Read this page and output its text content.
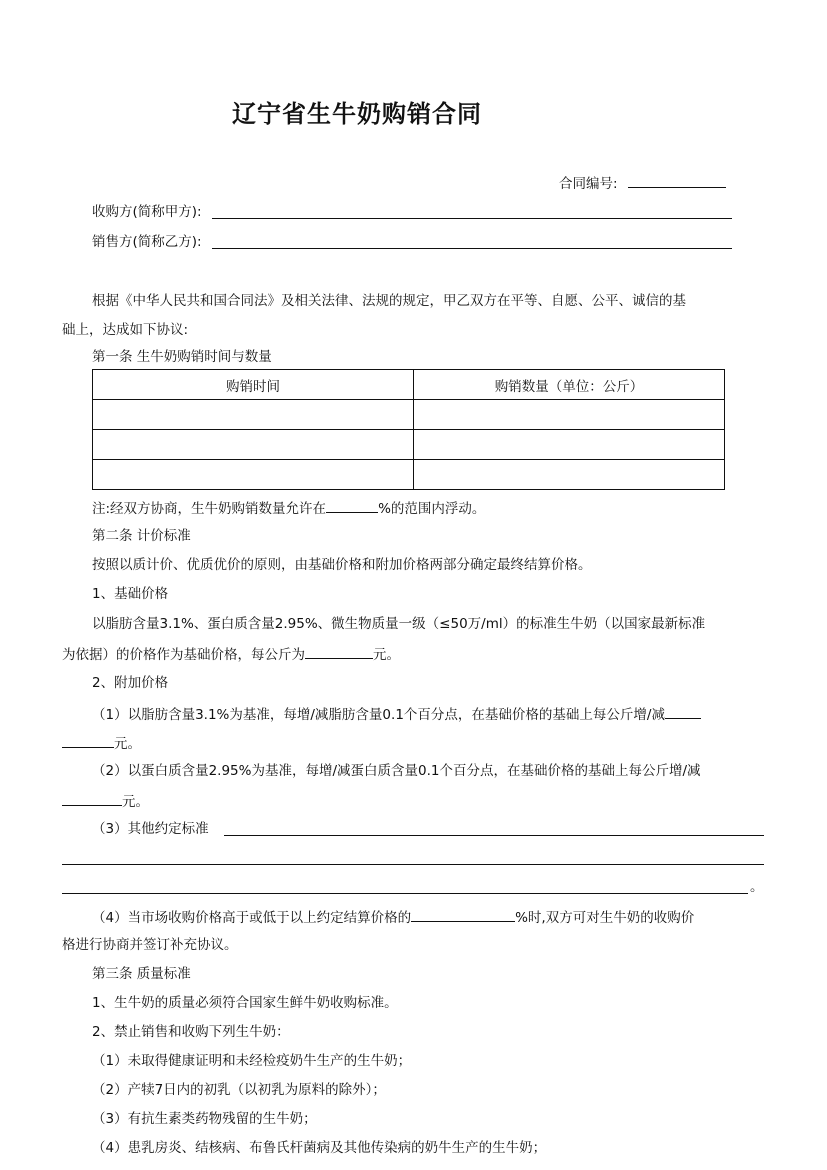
辽宁省生牛奶购销合同
合同编号:
收购方(简称甲方):
销售方(简称乙方):
根据《中华人民共和国合同法》及相关法律、法规的规定，甲乙双方在平等、自愿、公平、诚信的基
础上，达成如下协议:
第一条 生牛奶购销时间与数量
购销时间	购销数量（单位：公斤）

注:经双方协商，生牛奶购销数量允许在	%的范围内浮动。
第二条 计价标准
按照以质计价、优质优价的原则，由基础价格和附加价格两部分确定最终结算价格。
1、基础价格
以脂肪含量3.1%、蛋白质含量2.95%、微生物质量一级（≤50万/ml）的标准生牛奶（以国家最新标准
为依据）的价格作为基础价格，每公斤为	元。
2、附加价格
（1）以脂肪含量3.1%为基准，每增/减脂肪含量0.1个百分点，在基础价格的基础上每公斤增/减
元。
（2）以蛋白质含量2.95%为基准，每增/减蛋白质含量0.1个百分点，在基础价格的基础上每公斤增/减
元。
（3）其他约定标准
。
（4）当市场收购价格高于或低于以上约定结算价格的	%时,双方可对生牛奶的收购价
格进行协商并签订补充协议。
第三条 质量标准
1、生牛奶的质量必须符合国家生鲜牛奶收购标准。
2、禁止销售和收购下列生牛奶：
（1）未取得健康证明和未经检疫奶牛生产的生牛奶；
（2）产犊7日内的初乳（以初乳为原料的除外）；
（3）有抗生素类药物残留的生牛奶；
（4）患乳房炎、结核病、布鲁氏杆菌病及其他传染病的奶牛生产的生牛奶；
